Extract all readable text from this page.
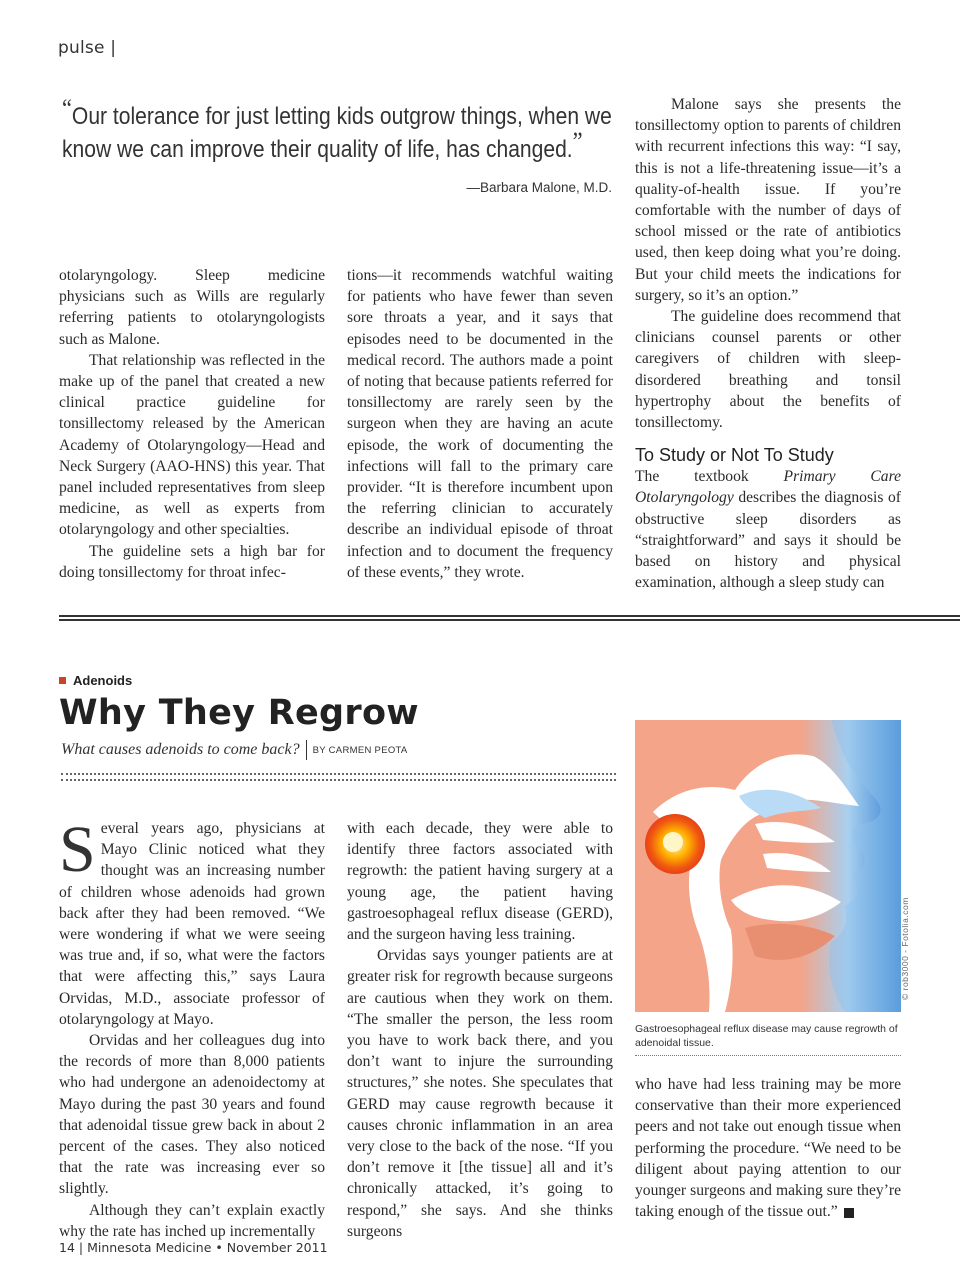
pulse |
“Our tolerance for just letting kids outgrow things, when we know we can improve their quality of life, has changed.”
—Barbara Malone, M.D.

otolaryngology. Sleep medicine physicians such as Wills are regularly referring patients to otolaryngologists such as Malone.

That relationship was reflected in the make up of the panel that created a new clinical practice guideline for tonsillectomy released by the American Academy of Otolaryngology—Head and Neck Surgery (AAO-HNS) this year. That panel included representatives from sleep medicine, as well as experts from otolaryngology and other specialties.

The guideline sets a high bar for doing tonsillectomy for throat infec-

tions—it recommends watchful waiting for patients who have fewer than seven sore throats a year, and it says that episodes need to be documented in the medical record. The authors made a point of noting that because patients referred for tonsillectomy are rarely seen by the surgeon when they are having an acute episode, the work of documenting the infections will fall to the primary care provider. “It is therefore incumbent upon the referring clinician to accurately describe an individual episode of throat infection and to document the frequency of these events,” they wrote.

Malone says she presents the tonsillectomy option to parents of children with recurrent infections this way: “I say, this is not a life-threatening issue—it’s a quality-of-health issue. If you’re comfortable with the number of days of school missed or the rate of antibiotics used, then keep doing what you’re doing. But your child meets the indications for surgery, so it’s an option.”

The guideline does recommend that clinicians counsel parents or other caregivers of children with sleep-disordered breathing and tonsil hypertrophy about the benefits of tonsillectomy.

To Study or Not To Study

The textbook Primary Care Otolaryngology describes the diagnosis of obstructive sleep disorders as “straightforward” and says it should be based on history and physical examination, although a sleep study can

Adenoids
Why They Regrow
What causes adenoids to come back? BY CARMEN PEOTA

Several years ago, physicians at Mayo Clinic noticed what they thought was an increasing number of children whose adenoids had grown back after they had been removed. “We were wondering if what we were seeing was true and, if so, what were the factors that were affecting this,” says Laura Orvidas, M.D., associate professor of otolaryngology at Mayo.

Orvidas and her colleagues dug into the records of more than 8,000 patients who had undergone an adenoidectomy at Mayo during the past 30 years and found that adenoidal tissue grew back in about 2 percent of the cases. They also noticed that the rate was increasing ever so slightly.

Although they can’t explain exactly why the rate has inched up incrementally

with each decade, they were able to identify three factors associated with regrowth: the patient having surgery at a young age, the patient having gastroesophageal reflux disease (GERD), and the surgeon having less training.

Orvidas says younger patients are at greater risk for regrowth because surgeons are cautious when they work on them. “The smaller the person, the less room you have to work back there, and you don’t want to injure the surrounding structures,” she notes. She speculates that GERD may cause regrowth because it causes chronic inflammation in an area very close to the back of the nose. “If you don’t remove it [the tissue] all and it’s chronically attacked, it’s going to respond,” she says. And she thinks surgeons

© rob3000 - Fotolia.com
Gastroesophageal reflux disease may cause regrowth of adenoidal tissue.

who have had less training may be more conservative than their more experienced peers and not take out enough tissue when performing the procedure. “We need to be diligent about paying attention to our younger surgeons and making sure they’re taking enough of the tissue out.”

14 | Minnesota Medicine • November 2011
